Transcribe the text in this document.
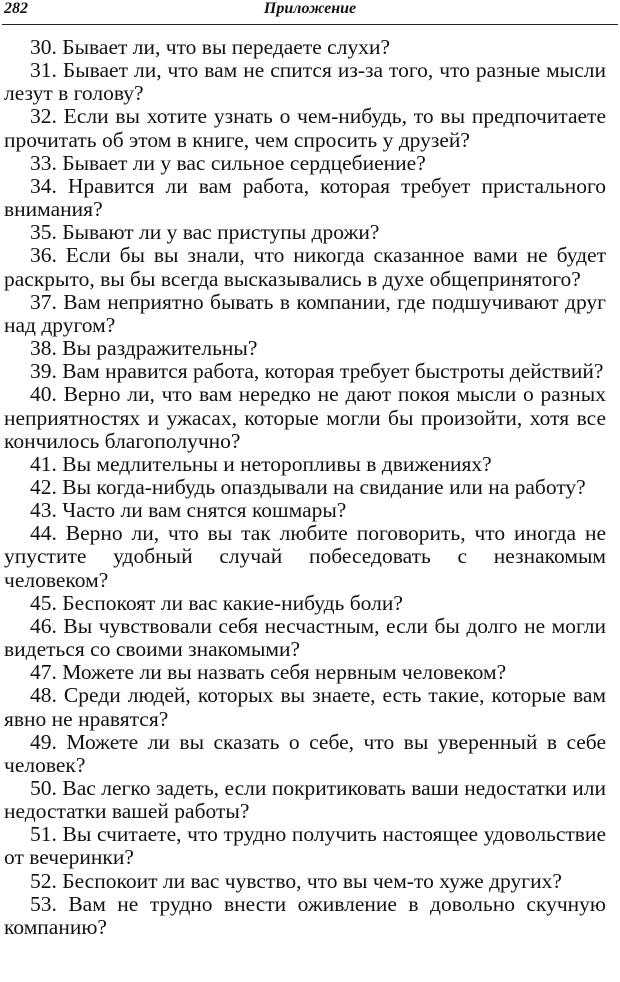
282	Приложение

30. Бывает ли, что вы передаете слухи?

31. Бывает ли, что вам не спится из-за того, что разные мысли лезут в голову?

32. Если вы хотите узнать о чем-нибудь, то вы предпочитаете прочитать об этом в книге, чем спросить у друзей?

33. Бывает ли у вас сильное сердцебиение?

34. Нравится ли вам работа, которая требует пристального внимания?

35. Бывают ли у вас приступы дрожи?

36. Если бы вы знали, что никогда сказанное вами не будет раскрыто, вы бы всегда высказывались в духе общепринятого?

37. Вам неприятно бывать в компании, где подшучивают друг над другом?

38. Вы раздражительны?

39. Вам нравится работа, которая требует быстроты действий?

40. Верно ли, что вам нередко не дают покоя мысли о разных неприятностях и ужасах, которые могли бы произойти, хотя все кончилось благополучно?

41. Вы медлительны и неторопливы в движениях?

42. Вы когда-нибудь опаздывали на свидание или на работу?

43. Часто ли вам снятся кошмары?

44. Верно ли, что вы так любите поговорить, что иногда не упустите удобный случай побеседовать с незнакомым человеком?

45. Беспокоят ли вас какие-нибудь боли?

46. Вы чувствовали себя несчастным, если бы долго не могли видеться со своими знакомыми?

47. Можете ли вы назвать себя нервным человеком?

48. Среди людей, которых вы знаете, есть такие, которые вам явно не нравятся?

49. Можете ли вы сказать о себе, что вы уверенный в себе человек?

50. Вас легко задеть, если покритиковать ваши недостатки или недостатки вашей работы?

51. Вы считаете, что трудно получить настоящее удовольствие от вечеринки?

52. Беспокоит ли вас чувство, что вы чем-то хуже других?

53. Вам не трудно внести оживление в довольно скучную компанию?
